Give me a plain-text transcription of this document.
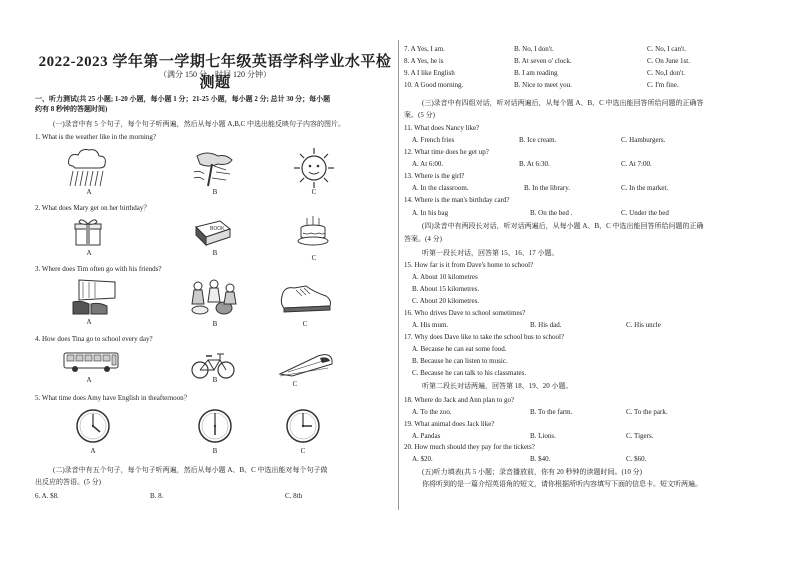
2022-2023 学年第一学期七年级英语学科学业水平检测题
（满分 150 分，时间 120 分钟）
一、听力测试(共 25 小题; 1-20 小题，每小题 1 分；21-25 小题，每小题 2 分; 总计 30 分；每小题
约有 8 秒钟的答题时间)
(一)录音中有 5 个句子，每个句子听两遍，然后从每小题 A,B,C 中选出能反映句子内容的图片。
1. What is the weather like in the morning?
A	B	C
2. What does Mary get on her birthday？
BOOK
A	B
C
3. Where does Tim often go with his friends?
A	B	C
4. How does Tina go to school every day?
A	B	C
5. What time does Amy have English in theafternoon？
A	B	C
(二)录音中有五个句子，每个句子听两遍，然后从每小题 A、B、C 中选出能对每个句子做
出反应的答语。(5 分)
6. A. $8.	B. 8.	C. 8th
7. A Yes, I am.	B. No, I don't.	C. No, I can't.
8. A Yes, he is	B. At seven o' clock.	C. On June 1st.
9. A I like English	B. I am reading	C. No,I don't.
10. A Good morning.	B. Nice to meet you.	C. I'm fine.
(三)录音中有四组对话，听对话两遍后，从每个题 A、B、C 中选出能回答所给问题的正确答
案。(5 分)
11. What does Nancy like?
A. French fries	B. Ice cream.	C. Hamburgers.
12. What time does he get up?
A. At 6:00.	B. At 6:30.	C. At 7:00.
13. Where is the girl?
A. In the classroom.	B. In the library.	C. In the market.
14. Where is the man's birthday card?
A. In his bag	B. On the bed .	C. Under the bed
(四)录音中有两段长对话，听对话两遍后，从每小题 A、B、C 中选出能回答所给问题的正确
答案。(4 分)
听第一段长对话，回答第 15、16、17 小题。
15. How far is it from Dave's home to school?
A. About 10 kilometres
B. About 15 kilometres.
C. About 20 kilometres.
16. Who drives Dave to school sometimes?
A. His mum.	B. His dad.	C. His uncle
17. Why does Dave like to take the school bus to school?
A. Because he can eat some food.
B. Because he can listen to music.
C. Because he can talk to his classmates.
听第二段长对话两遍，回答第 18、19、20 小题。
18. Where do Jack and Ann plan to go?
A. To the zoo.	B. To the farm.	C. To the park.
19. What animal does Jack like?
A. Pandas	B. Lions.	C. Tigers.
20. How much should they pay for the tickets?
A. $20.	B. $40.	C. $60.
(五)听力填表(共 5 小题；录音播放前，你有 20 秒钟的读题时间。(10 分)
你将听到的是一篇介绍英语角的短文，请你根据所听内容填写下面的信息卡。短文听两遍。
